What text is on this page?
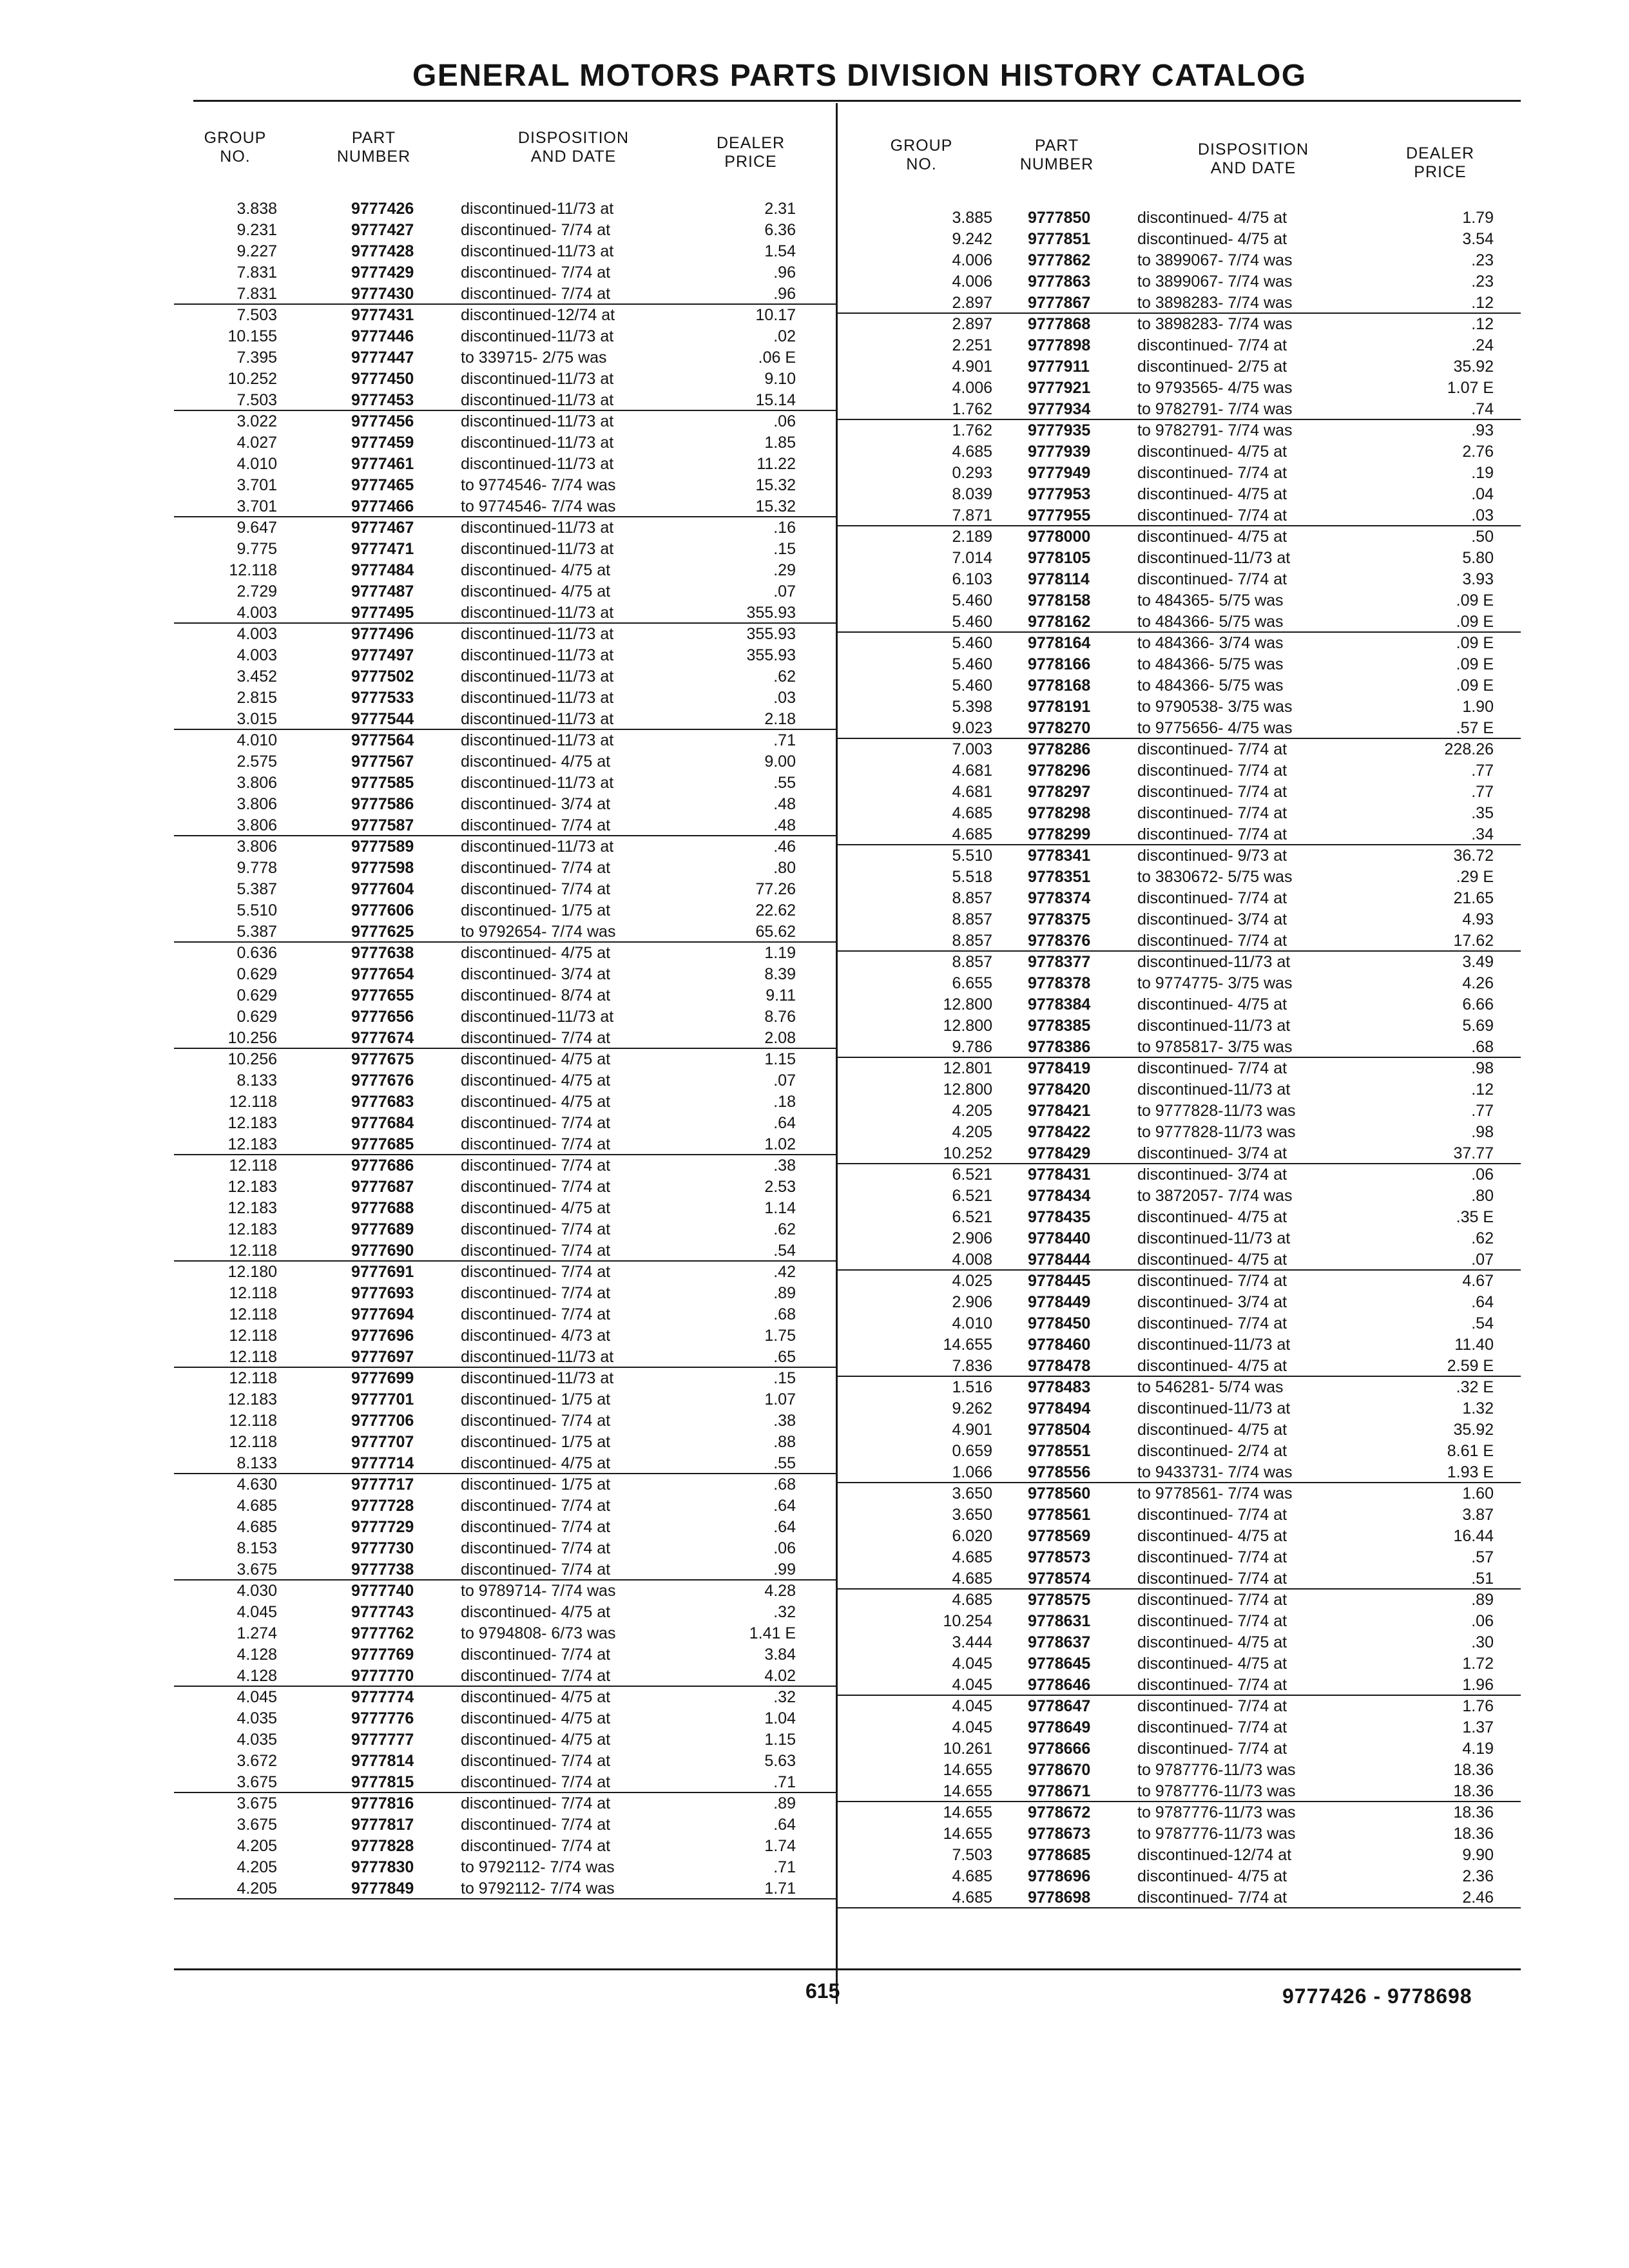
GENERAL MOTORS PARTS DIVISION HISTORY CATALOG
GROUP
NO.
PART
NUMBER
DISPOSITION
AND DATE
DEALER
PRICE
3.838	9777426	discontinued-11/73 at	2.31
9.231	9777427	discontinued- 7/74 at	6.36
9.227	9777428	discontinued-11/73 at	1.54
7.831	9777429	discontinued- 7/74 at	.96
7.831	9777430	discontinued- 7/74 at	.96
7.503	9777431	discontinued-12/74 at	10.17
10.155	9777446	discontinued-11/73 at	.02
7.395	9777447	to 339715- 2/75 was	.06 E
10.252	9777450	discontinued-11/73 at	9.10
7.503	9777453	discontinued-11/73 at	15.14
3.022	9777456	discontinued-11/73 at	.06
4.027	9777459	discontinued-11/73 at	1.85
4.010	9777461	discontinued-11/73 at	11.22
3.701	9777465	to 9774546- 7/74 was	15.32
3.701	9777466	to 9774546- 7/74 was	15.32
9.647	9777467	discontinued-11/73 at	.16
9.775	9777471	discontinued-11/73 at	.15
12.118	9777484	discontinued- 4/75 at	.29
2.729	9777487	discontinued- 4/75 at	.07
4.003	9777495	discontinued-11/73 at	355.93
4.003	9777496	discontinued-11/73 at	355.93
4.003	9777497	discontinued-11/73 at	355.93
3.452	9777502	discontinued-11/73 at	.62
2.815	9777533	discontinued-11/73 at	.03
3.015	9777544	discontinued-11/73 at	2.18
4.010	9777564	discontinued-11/73 at	.71
2.575	9777567	discontinued- 4/75 at	9.00
3.806	9777585	discontinued-11/73 at	.55
3.806	9777586	discontinued- 3/74 at	.48
3.806	9777587	discontinued- 7/74 at	.48
3.806	9777589	discontinued-11/73 at	.46
9.778	9777598	discontinued- 7/74 at	.80
5.387	9777604	discontinued- 7/74 at	77.26
5.510	9777606	discontinued- 1/75 at	22.62
5.387	9777625	to 9792654- 7/74 was	65.62
0.636	9777638	discontinued- 4/75 at	1.19
0.629	9777654	discontinued- 3/74 at	8.39
0.629	9777655	discontinued- 8/74 at	9.11
0.629	9777656	discontinued-11/73 at	8.76
10.256	9777674	discontinued- 7/74 at	2.08
10.256	9777675	discontinued- 4/75 at	1.15
8.133	9777676	discontinued- 4/75 at	.07
12.118	9777683	discontinued- 4/75 at	.18
12.183	9777684	discontinued- 7/74 at	.64
12.183	9777685	discontinued- 7/74 at	1.02
12.118	9777686	discontinued- 7/74 at	.38
12.183	9777687	discontinued- 7/74 at	2.53
12.183	9777688	discontinued- 4/75 at	1.14
12.183	9777689	discontinued- 7/74 at	.62
12.118	9777690	discontinued- 7/74 at	.54
12.180	9777691	discontinued- 7/74 at	.42
12.118	9777693	discontinued- 7/74 at	.89
12.118	9777694	discontinued- 7/74 at	.68
12.118	9777696	discontinued- 4/73 at	1.75
12.118	9777697	discontinued-11/73 at	.65
12.118	9777699	discontinued-11/73 at	.15
12.183	9777701	discontinued- 1/75 at	1.07
12.118	9777706	discontinued- 7/74 at	.38
12.118	9777707	discontinued- 1/75 at	.88
8.133	9777714	discontinued- 4/75 at	.55
4.630	9777717	discontinued- 1/75 at	.68
4.685	9777728	discontinued- 7/74 at	.64
4.685	9777729	discontinued- 7/74 at	.64
8.153	9777730	discontinued- 7/74 at	.06
3.675	9777738	discontinued- 7/74 at	.99
4.030	9777740	to 9789714- 7/74 was	4.28
4.045	9777743	discontinued- 4/75 at	.32
1.274	9777762	to 9794808- 6/73 was	1.41 E
4.128	9777769	discontinued- 7/74 at	3.84
4.128	9777770	discontinued- 7/74 at	4.02
4.045	9777774	discontinued- 4/75 at	.32
4.035	9777776	discontinued- 4/75 at	1.04
4.035	9777777	discontinued- 4/75 at	1.15
3.672	9777814	discontinued- 7/74 at	5.63
3.675	9777815	discontinued- 7/74 at	.71
3.675	9777816	discontinued- 7/74 at	.89
3.675	9777817	discontinued- 7/74 at	.64
4.205	9777828	discontinued- 7/74 at	1.74
4.205	9777830	to 9792112- 7/74 was	.71
4.205	9777849	to 9792112- 7/74 was	1.71
GROUP
NO.
PART
NUMBER
DISPOSITION
AND DATE
DEALER
PRICE
3.885 9777850	discontinued- 4/75 at	1.79
9.242 9777851	discontinued- 4/75 at	3.54
4.006 9777862	to 3899067- 7/74 was	.23
4.006 9777863	to 3899067- 7/74 was	.23
2.897 9777867	to 3898283- 7/74 was	.12
2.897 9777868	to 3898283- 7/74 was	.12
2.251 9777898	discontinued- 7/74 at	.24
4.901 9777911	discontinued- 2/75 at	35.92
4.006 9777921	to 9793565- 4/75 was	1.07 E
1.762 9777934	to 9782791- 7/74 was	.74
1.762 9777935	to 9782791- 7/74 was	.93
4.685 9777939	discontinued- 4/75 at	2.76
0.293 9777949	discontinued- 7/74 at	.19
8.039 9777953	discontinued- 4/75 at	.04
7.871 9777955	discontinued- 7/74 at	.03
2.189 9778000	discontinued- 4/75 at	.50
7.014 9778105	discontinued-11/73 at	5.80
6.103 9778114	discontinued- 7/74 at	3.93
5.460 9778158	to 484365- 5/75 was	.09 E
5.460 9778162	to 484366- 5/75 was	.09 E
5.460 9778164	to 484366- 3/74 was	.09 E
5.460 9778166	to 484366- 5/75 was	.09 E
5.460 9778168	to 484366- 5/75 was	.09 E
5.398 9778191	to 9790538- 3/75 was	1.90
9.023 9778270	to 9775656- 4/75 was	.57 E
7.003 9778286	discontinued- 7/74 at	228.26
4.681 9778296	discontinued- 7/74 at	.77
4.681 9778297	discontinued- 7/74 at	.77
4.685 9778298	discontinued- 7/74 at	.35
4.685 9778299	discontinued- 7/74 at	.34
5.510 9778341	discontinued- 9/73 at	36.72
5.518 9778351	to 3830672- 5/75 was	.29 E
8.857 9778374	discontinued- 7/74 at	21.65
8.857 9778375	discontinued- 3/74 at	4.93
8.857 9778376	discontinued- 7/74 at	17.62
8.857 9778377	discontinued-11/73 at	3.49
6.655 9778378	to 9774775- 3/75 was	4.26
12.800 9778384	discontinued- 4/75 at	6.66
12.800 9778385	discontinued-11/73 at	5.69
9.786 9778386	to 9785817- 3/75 was	.68
12.801 9778419	discontinued- 7/74 at	.98
12.800 9778420	discontinued-11/73 at	.12
4.205 9778421	to 9777828-11/73 was	.77
4.205 9778422	to 9777828-11/73 was	.98
10.252 9778429	discontinued- 3/74 at	37.77
6.521 9778431	discontinued- 3/74 at	.06
6.521 9778434	to 3872057- 7/74 was	.80
6.521 9778435	discontinued- 4/75 at	.35 E
2.906 9778440	discontinued-11/73 at	.62
4.008 9778444	discontinued- 4/75 at	.07
4.025 9778445	discontinued- 7/74 at	4.67
2.906 9778449	discontinued- 3/74 at	.64
4.010 9778450	discontinued- 7/74 at	.54
14.655 9778460	discontinued-11/73 at	11.40
7.836 9778478	discontinued- 4/75 at	2.59 E
1.516 9778483	to 546281- 5/74 was	.32 E
9.262 9778494	discontinued-11/73 at	1.32
4.901 9778504	discontinued- 4/75 at	35.92
0.659 9778551	discontinued- 2/74 at	8.61 E
1.066 9778556	to 9433731- 7/74 was	1.93 E
3.650 9778560	to 9778561- 7/74 was	1.60
3.650 9778561	discontinued- 7/74 at	3.87
6.020 9778569	discontinued- 4/75 at	16.44
4.685 9778573	discontinued- 7/74 at	.57
4.685 9778574	discontinued- 7/74 at	.51
4.685 9778575	discontinued- 7/74 at	.89
10.254 9778631	discontinued- 7/74 at	.06
3.444 9778637	discontinued- 4/75 at	.30
4.045 9778645	discontinued- 4/75 at	1.72
4.045 9778646	discontinued- 7/74 at	1.96
4.045 9778647	discontinued- 7/74 at	1.76
4.045 9778649	discontinued- 7/74 at	1.37
10.261 9778666	discontinued- 7/74 at	4.19
14.655 9778670	to 9787776-11/73 was	18.36
14.655 9778671	to 9787776-11/73 was	18.36
14.655 9778672	to 9787776-11/73 was	18.36
14.655 9778673	to 9787776-11/73 was	18.36
7.503 9778685	discontinued-12/74 at	9.90
4.685 9778696	discontinued- 4/75 at	2.36
4.685 9778698	discontinued- 7/74 at	2.46
615	9777426 - 9778698
